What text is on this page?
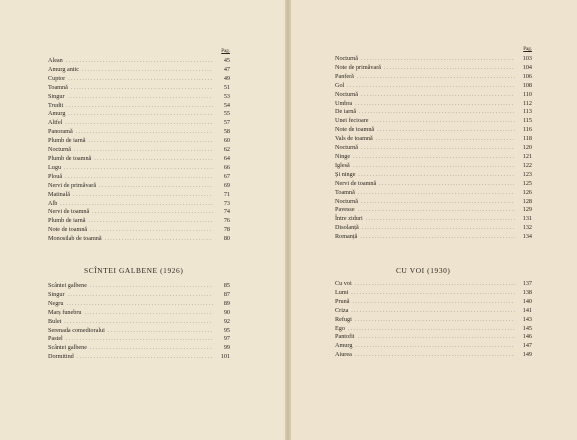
Pag.

Alean .....	45
Amurg antic .....	47
Cuptor .....	49
Toamnă .....	51
Singur .....	53
Trudit .....	54
Amurg .....	55
Altfel .....	57
Panoramă .....	58
Plumb de iarnă .....	60
Nocturnă .....	62
Plumb de toamnă .....	64
Lugu .....	66
Plouă .....	67
Nervi de primăvară .....	69
Matinală .....	71
Alb .....	73
Nervi de toamnă .....	74
Plumb de iarnă .....	76
Note de toamnă .....	78
Monosilab de toamnă .....	80

SCÎNTEI GALBENE (1926)

Scântei galbene .....	85
Singur .....	87
Negru .....	89
Marș funebru .....	90
Bulet .....	92
Serenada comedioralui .....	95
Pastel .....	97
Scântei galbene .....	99
Dormitind .....	101

Pag.

Nocturnă .....	103
Note de primăvară .....	104
Panferă .....	106
Gol .....	108
Nocturnă .....	110
Umbra .....	112
De iarnă .....	113
Unei fecioare .....	115
Note de toamnă .....	116
Vals de toamnă .....	118
Nocturnă .....	120
Ninge .....	121
Iglesă .....	122
Și ninge .....	123
Nervi de toamnă .....	125
Toamnă .....	126
Nocturnă .....	128
Pavesse .....	129
Între ziduri .....	131
Disolanță .....	132
Romanță .....	134

CU VOI (1930)

Cu voi .....	137
Lumi .....	138
Prună .....	140
Criza .....	141
Refugi .....	143
Ego .....	145
Pantofii .....	146
Amurg .....	147
Aiurea .....	149
